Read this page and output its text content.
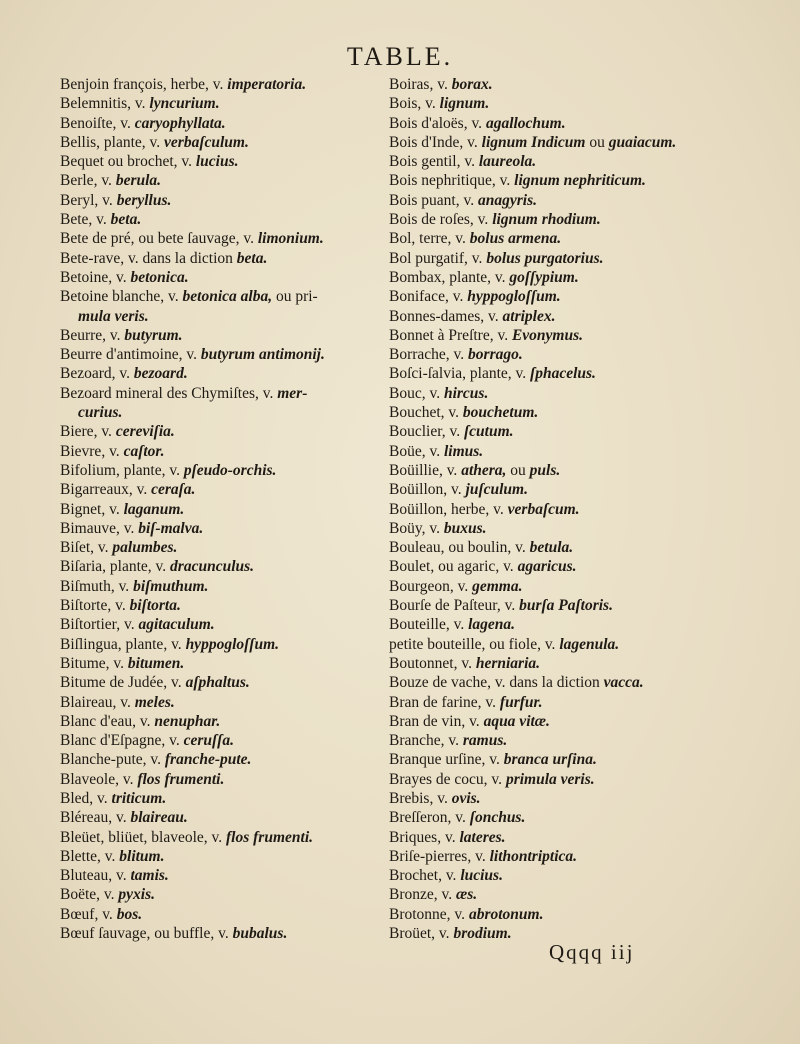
TABLE.
Benjoin françois, herbe, v. imperatoria.
Belemnitis, v. lyncurium.
Benoiſte, v. caryophyllata.
Bellis, plante, v. verbaſculum.
Bequet ou brochet, v. lucius.
Berle, v. berula.
Beryl, v. beryllus.
Bete, v. beta.
Bete de pré, ou bete ſauvage, v. limonium.
Bete-rave, v. dans la diction beta.
Betoine, v. betonica.
Betoine blanche, v. betonica alba, ou pri-
mula veris.
Beurre, v. butyrum.
Beurre d'antimoine, v. butyrum antimonij.
Bezoard, v. bezoard.
Bezoard mineral des Chymiſtes, v. mer-
curius.
Biere, v. cereviſia.
Bievre, v. caſtor.
Bifolium, plante, v. pſeudo-orchis.
Bigarreaux, v. ceraſa.
Bignet, v. laganum.
Bimauve, v. biſ-malva.
Biſet, v. palumbes.
Biſaria, plante, v. dracunculus.
Biſmuth, v. biſmuthum.
Biſtorte, v. biſtorta.
Biſtortier, v. agitaculum.
Biſlingua, plante, v. hyppogloſſum.
Bitume, v. bitumen.
Bitume de Judée, v. aſphaltus.
Blaireau, v. meles.
Blanc d'eau, v. nenuphar.
Blanc d'Eſpagne, v. ceruſſa.
Blanche-pute, v. franche-pute.
Blaveole, v. flos frumenti.
Bled, v. triticum.
Bléreau, v. blaireau.
Bleüet, bliüet, blaveole, v. flos frumenti.
Blette, v. blitum.
Bluteau, v. tamis.
Boëte, v. pyxis.
Bœuf, v. bos.
Bœuf ſauvage, ou buffle, v. bubalus.
Boiras, v. borax.
Bois, v. lignum.
Bois d'aloës, v. agallochum.
Bois d'Inde, v. lignum Indicum ou guaiacum.
Bois gentil, v. laureola.
Bois nephritique, v. lignum nephriticum.
Bois puant, v. anagyris.
Bois de roſes, v. lignum rhodium.
Bol, terre, v. bolus armena.
Bol purgatif, v. bolus purgatorius.
Bombax, plante, v. goſſypium.
Boniface, v. hyppogloſſum.
Bonnes-dames, v. atriplex.
Bonnet à Preſtre, v. Evonymus.
Borrache, v. borrago.
Boſci-ſalvia, plante, v. ſphacelus.
Bouc, v. hircus.
Bouchet, v. bouchetum.
Bouclier, v. ſcutum.
Boüe, v. limus.
Boüillie, v. athera, ou puls.
Boüillon, v. juſculum.
Boüillon, herbe, v. verbaſcum.
Boüy, v. buxus.
Bouleau, ou boulin, v. betula.
Boulet, ou agaric, v. agaricus.
Bourgeon, v. gemma.
Bourſe de Paſteur, v. burſa Paſtoris.
Bouteille, v. lagena.
petite bouteille, ou fiole, v. lagenula.
Boutonnet, v. herniaria.
Bouze de vache, v. dans la diction vacca.
Bran de farine, v. furfur.
Bran de vin, v. aqua vitæ.
Branche, v. ramus.
Branque urſine, v. branca urſina.
Brayes de cocu, v. primula veris.
Brebis, v. ovis.
Breſſeron, v. ſonchus.
Briques, v. lateres.
Briſe-pierres, v. lithontriptica.
Brochet, v. lucius.
Bronze, v. æs.
Brotonne, v. abrotonum.
Broüet, v. brodium.
Qqqq iij
